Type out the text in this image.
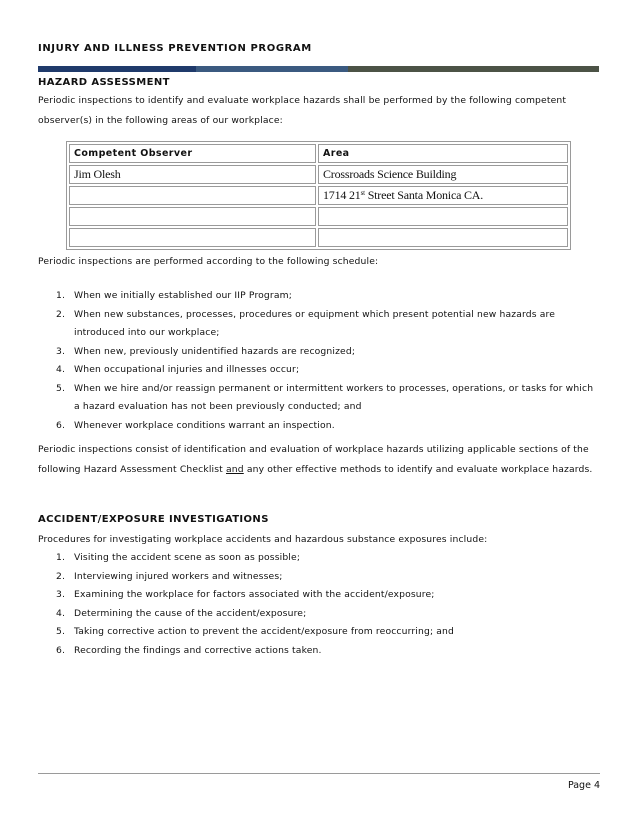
INJURY AND ILLNESS PREVENTION PROGRAM
HAZARD ASSESSMENT

Periodic inspections to identify and evaluate workplace hazards shall be performed by the following competent observer(s) in the following areas of our workplace:

Competent Observer	Area
Jim Olesh	Crossroads Science Building
	1714 21st Street Santa Monica CA.

Periodic inspections are performed according to the following schedule:

1. When we initially established our IIP Program;
2. When new substances, processes, procedures or equipment which present potential new hazards are introduced into our workplace;
3. When new, previously unidentified hazards are recognized;
4. When occupational injuries and illnesses occur;
5. When we hire and/or reassign permanent or intermittent workers to processes, operations, or tasks for which a hazard evaluation has not been previously conducted; and
6. Whenever workplace conditions warrant an inspection.

Periodic inspections consist of identification and evaluation of workplace hazards utilizing applicable sections of the following Hazard Assessment Checklist and any other effective methods to identify and evaluate workplace hazards.

ACCIDENT/EXPOSURE INVESTIGATIONS

Procedures for investigating workplace accidents and hazardous substance exposures include:

1. Visiting the accident scene as soon as possible;
2. Interviewing injured workers and witnesses;
3. Examining the workplace for factors associated with the accident/exposure;
4. Determining the cause of the accident/exposure;
5. Taking corrective action to prevent the accident/exposure from reoccurring; and
6. Recording the findings and corrective actions taken.
Page 4
